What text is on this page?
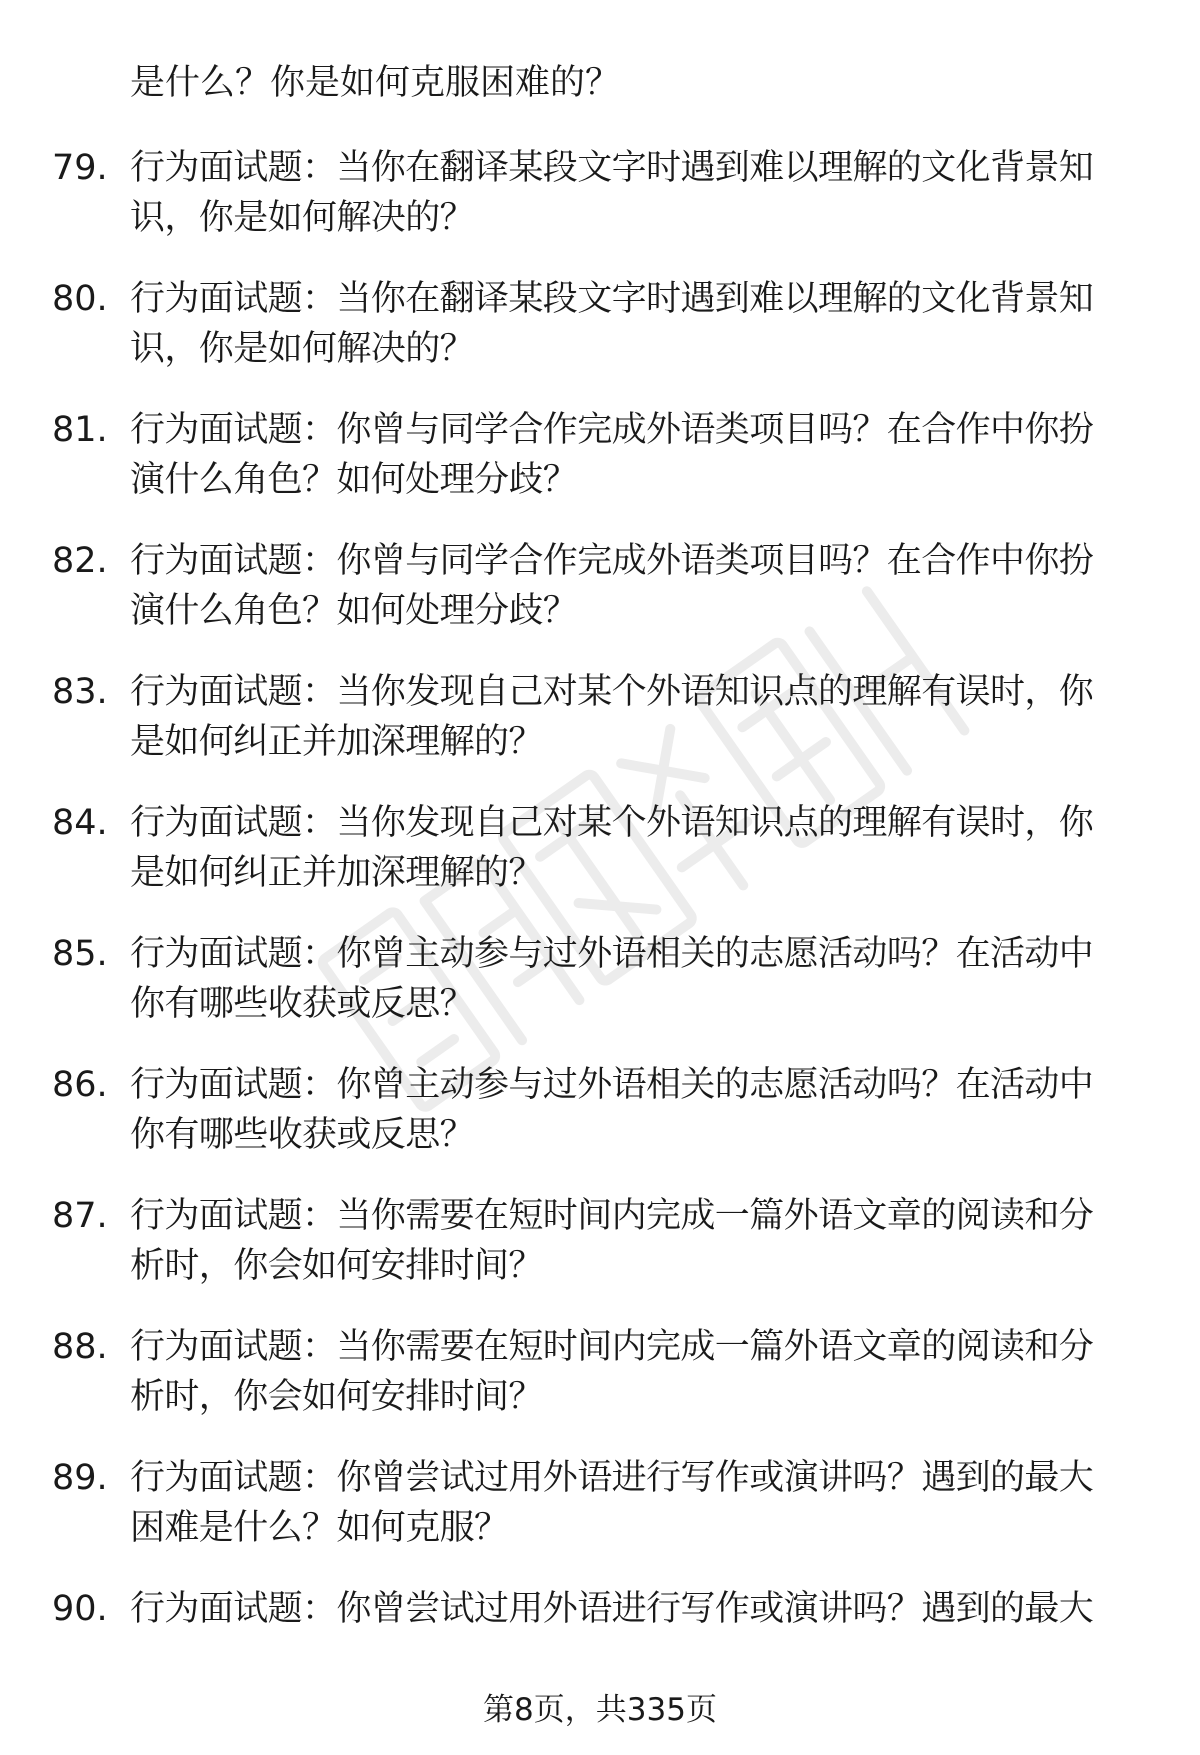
是什么？你是如何克服困难的？
79. 行为面试题：当你在翻译某段文字时遇到难以理解的文化背景知
识，你是如何解决的？
80. 行为面试题：当你在翻译某段文字时遇到难以理解的文化背景知
识，你是如何解决的？
81. 行为面试题：你曾与同学合作完成外语类项目吗？在合作中你扮
演什么角色？如何处理分歧？
82. 行为面试题：你曾与同学合作完成外语类项目吗？在合作中你扮
演什么角色？如何处理分歧？
83. 行为面试题：当你发现自己对某个外语知识点的理解有误时，你
是如何纠正并加深理解的？
84. 行为面试题：当你发现自己对某个外语知识点的理解有误时，你
是如何纠正并加深理解的？
85. 行为面试题：你曾主动参与过外语相关的志愿活动吗？在活动中
你有哪些收获或反思？
86. 行为面试题：你曾主动参与过外语相关的志愿活动吗？在活动中
你有哪些收获或反思？
87. 行为面试题：当你需要在短时间内完成一篇外语文章的阅读和分
析时，你会如何安排时间？
88. 行为面试题：当你需要在短时间内完成一篇外语文章的阅读和分
析时，你会如何安排时间？
89. 行为面试题：你曾尝试过用外语进行写作或演讲吗？遇到的最大
困难是什么？如何克服？
90. 行为面试题：你曾尝试过用外语进行写作或演讲吗？遇到的最大
第8页，共335页
